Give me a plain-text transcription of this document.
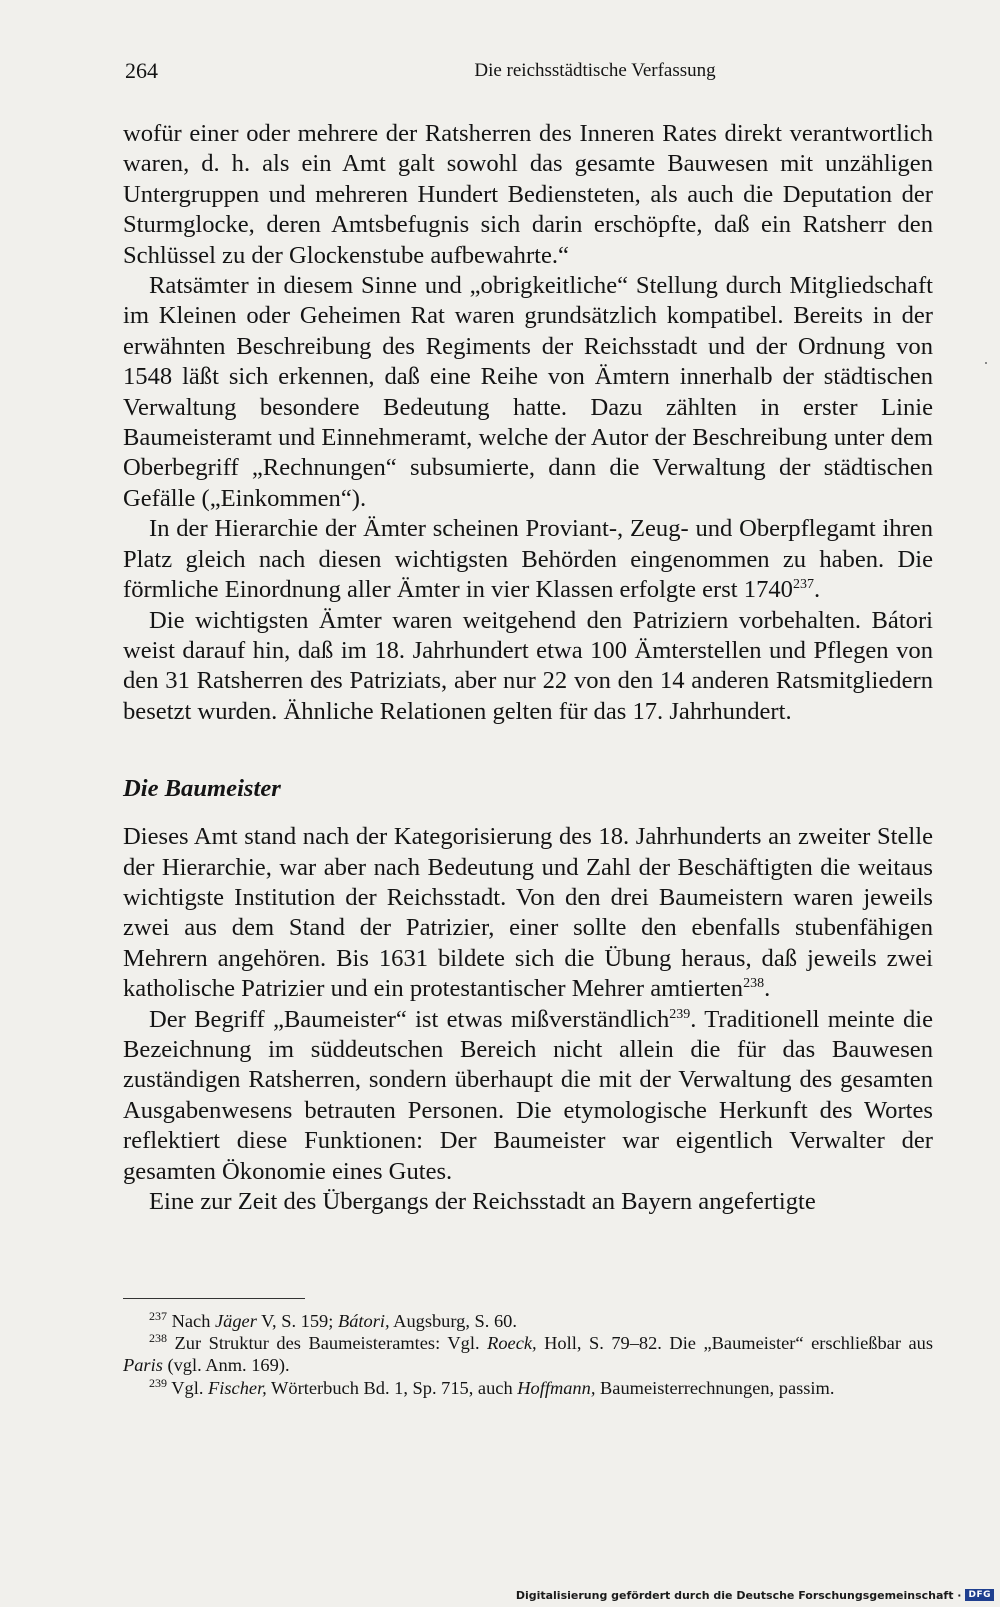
264	Die reichsstädtische Verfassung

wofür einer oder mehrere der Ratsherren des Inneren Rates direkt verantwortlich waren, d. h. als ein Amt galt sowohl das gesamte Bauwesen mit unzähligen Untergruppen und mehreren Hundert Bediensteten, als auch die Deputation der Sturmglocke, deren Amtsbefugnis sich darin erschöpfte, daß ein Ratsherr den Schlüssel zu der Glockenstube aufbewahrte.“

Ratsämter in diesem Sinne und „obrigkeitliche“ Stellung durch Mitgliedschaft im Kleinen oder Geheimen Rat waren grundsätzlich kompatibel. Bereits in der erwähnten Beschreibung des Regiments der Reichsstadt und der Ordnung von 1548 läßt sich erkennen, daß eine Reihe von Ämtern innerhalb der städtischen Verwaltung besondere Bedeutung hatte. Dazu zählten in erster Linie Baumeisteramt und Einnehmeramt, welche der Autor der Beschreibung unter dem Oberbegriff „Rechnungen“ subsumierte, dann die Verwaltung der städtischen Gefälle („Einkommen“).

In der Hierarchie der Ämter scheinen Proviant-, Zeug- und Oberpflegamt ihren Platz gleich nach diesen wichtigsten Behörden eingenommen zu haben. Die förmliche Einordnung aller Ämter in vier Klassen erfolgte erst 1740$^{237}$.

Die wichtigsten Ämter waren weitgehend den Patriziern vorbehalten. Bátori weist darauf hin, daß im 18. Jahrhundert etwa 100 Ämterstellen und Pflegen von den 31 Ratsherren des Patriziats, aber nur 22 von den 14 anderen Ratsmitgliedern besetzt wurden. Ähnliche Relationen gelten für das 17. Jahrhundert.

Die Baumeister

Dieses Amt stand nach der Kategorisierung des 18. Jahrhunderts an zweiter Stelle der Hierarchie, war aber nach Bedeutung und Zahl der Beschäftigten die weitaus wichtigste Institution der Reichsstadt. Von den drei Baumeistern waren jeweils zwei aus dem Stand der Patrizier, einer sollte den ebenfalls stubenfähigen Mehrern angehören. Bis 1631 bildete sich die Übung heraus, daß jeweils zwei katholische Patrizier und ein protestantischer Mehrer amtierten$^{238}$.

Der Begriff „Baumeister“ ist etwas mißverständlich$^{239}$. Traditionell meinte die Bezeichnung im süddeutschen Bereich nicht allein die für das Bauwesen zuständigen Ratsherren, sondern überhaupt die mit der Verwaltung des gesamten Ausgabenwesens betrauten Personen. Die etymologische Herkunft des Wortes reflektiert diese Funktionen: Der Baumeister war eigentlich Verwalter der gesamten Ökonomie eines Gutes.

Eine zur Zeit des Übergangs der Reichsstadt an Bayern angefertigte

$^{237}$ Nach Jäger V, S. 159; Bátori, Augsburg, S. 60.

$^{238}$ Zur Struktur des Baumeisteramtes: Vgl. Roeck, Holl, S. 79–82. Die „Baumeister“ erschließbar aus Paris (vgl. Anm. 169).

$^{239}$ Vgl. Fischer, Wörterbuch Bd. 1, Sp. 715, auch Hoffmann, Baumeisterrechnungen, passim.

Digitalisierung gefördert durch die Deutsche Forschungsgemeinschaft · DFG
